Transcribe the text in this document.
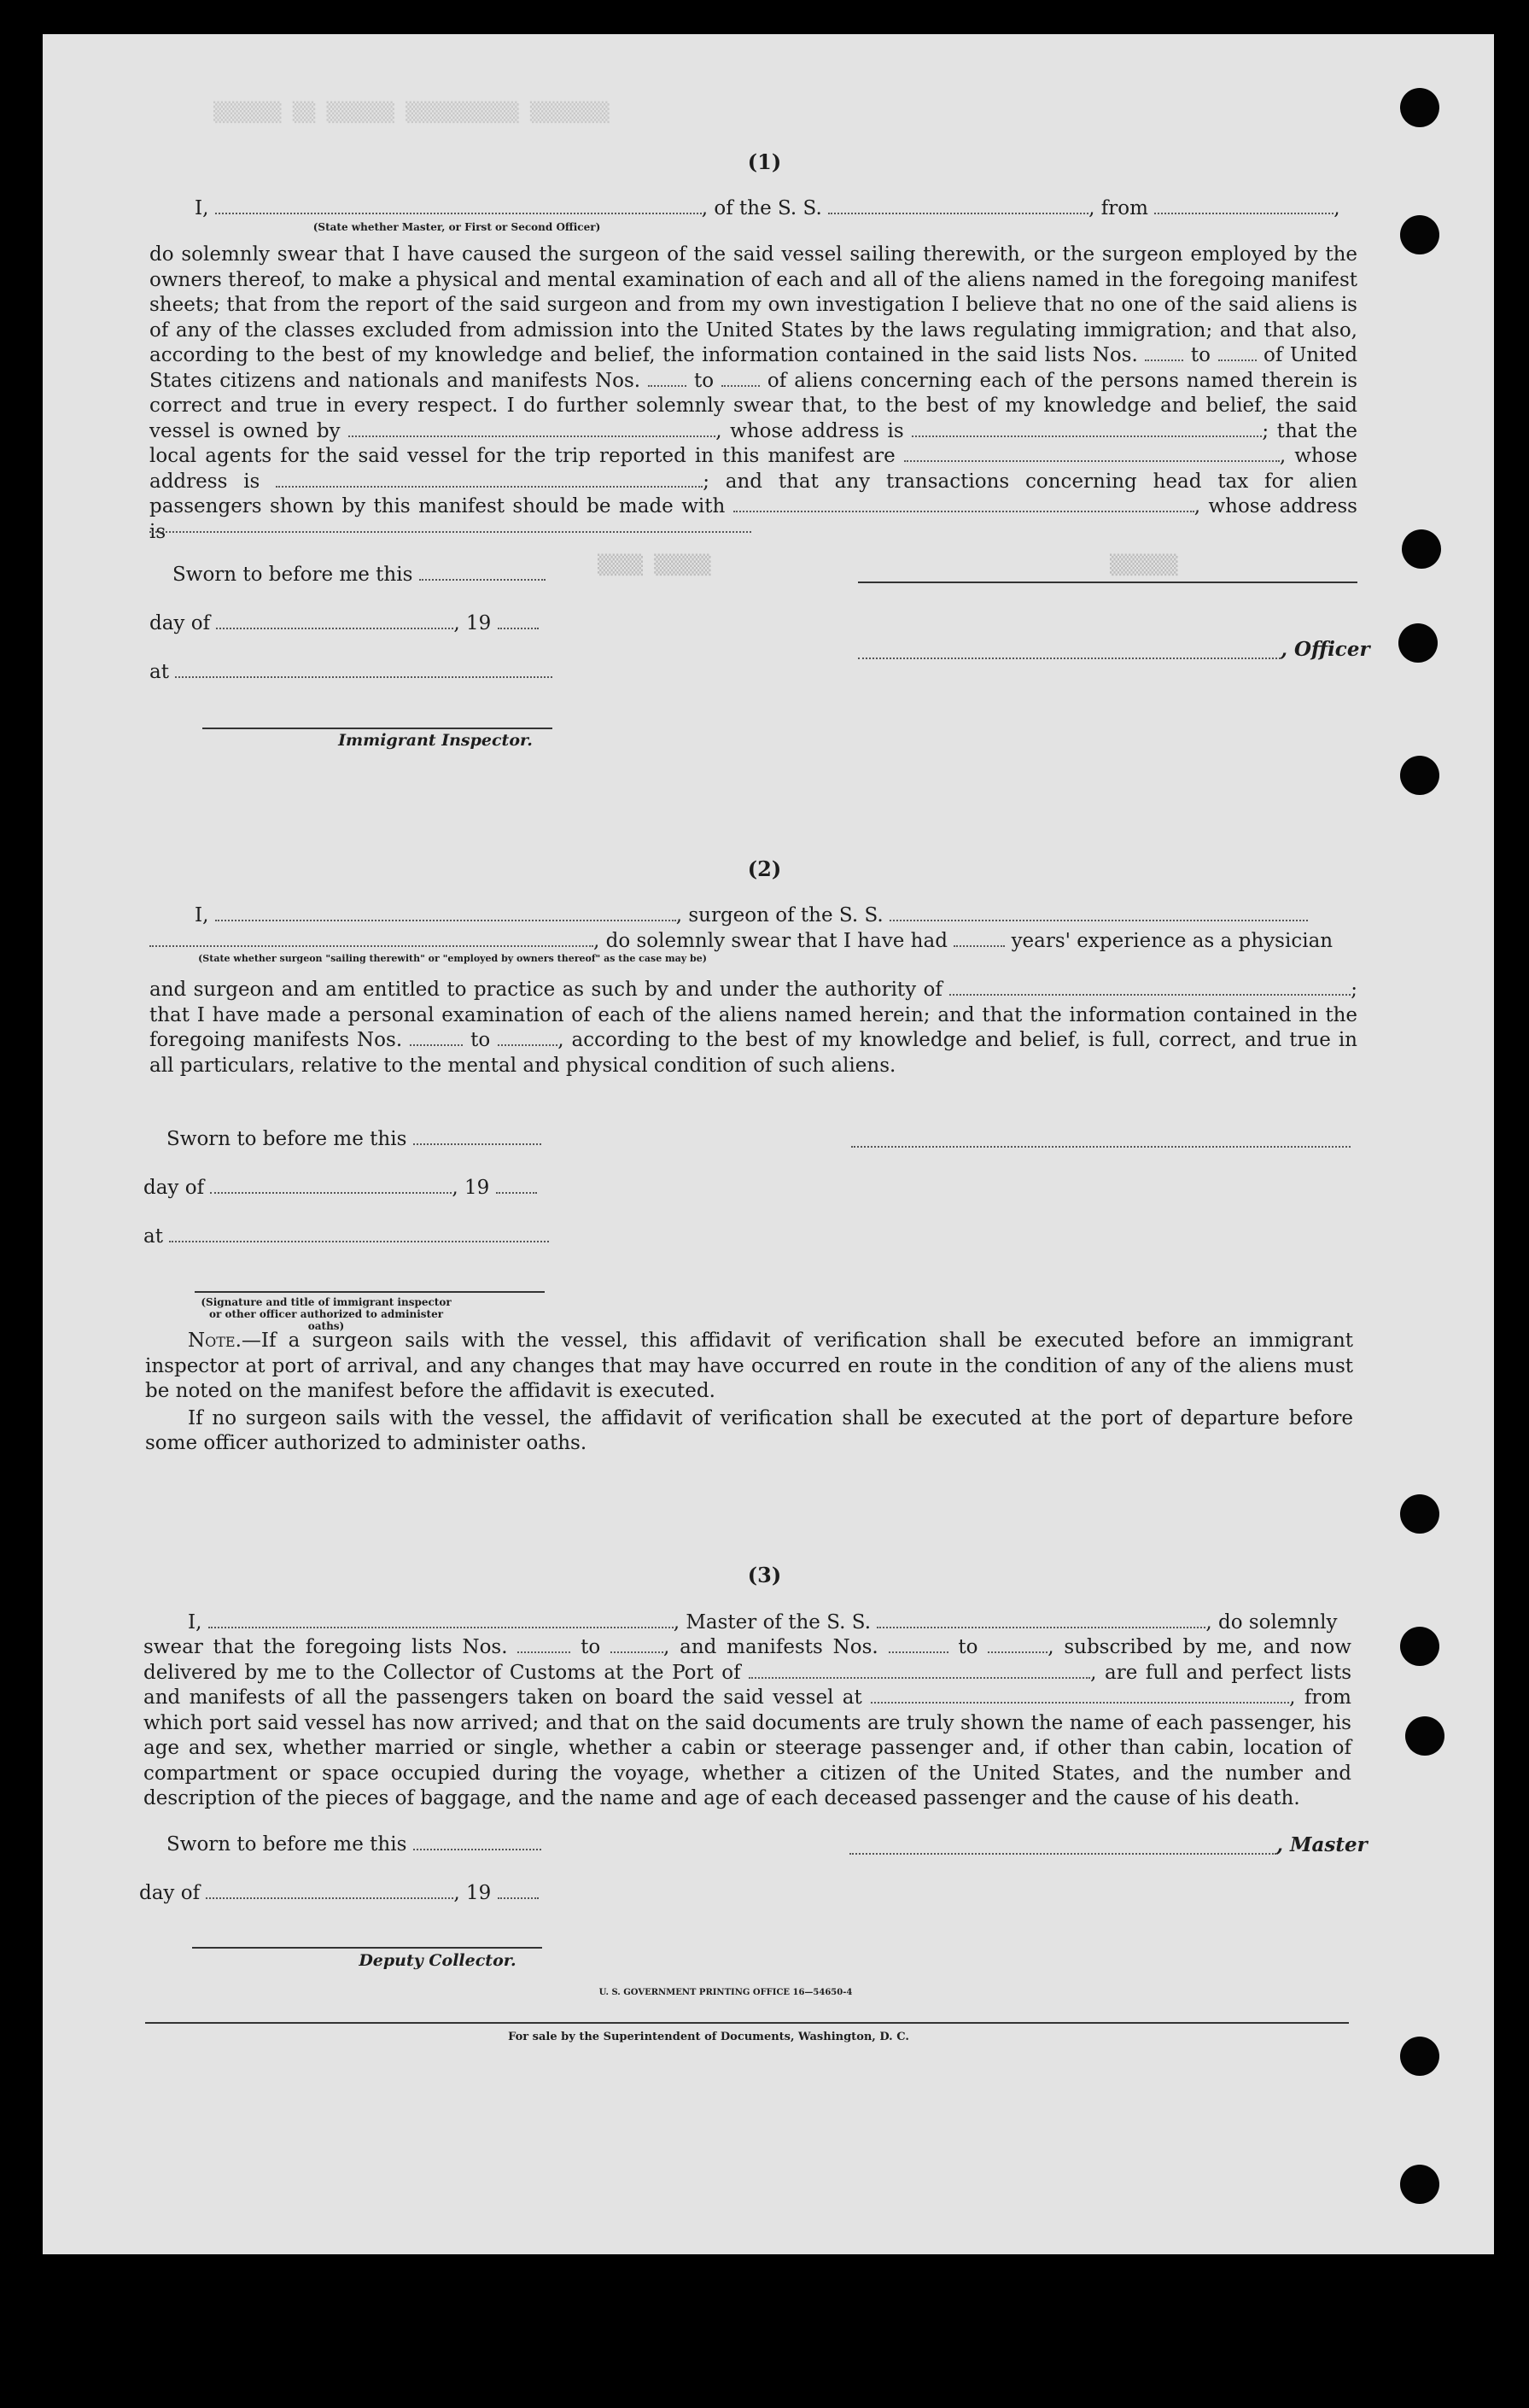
▒▒▒▒▒▒ ▒▒ ▒▒▒▒▒▒ ▒▒▒▒▒▒▒▒▒▒ ▒▒▒▒▒▒▒
▒▒▒▒ ▒▒▒▒▒	▒▒▒▒▒▒
(1)
I,	, of the S. S.	, from	,
(State whether Master, or First or Second Officer)

do solemnly swear that I have caused the surgeon of the said vessel sailing therewith, or the surgeon employed by the owners thereof, to make a physical and mental examination of each and all of the aliens named in the foregoing manifest sheets; that from the report of the said surgeon and from my own investigation I believe that no one of the said aliens is of any of the classes excluded from admission into the United States by the laws regulating immigration; and that also, according to the best of my knowledge and belief, the information contained in the said lists Nos.	to	of United States citizens and nationals and manifests Nos.	to	of aliens concerning each of the persons named therein is correct and true in every respect. I do further solemnly swear that, to the best of my knowledge and belief, the said vessel is owned by	, whose address is	; that the local agents for the said vessel for the trip reported in this manifest are	, whose address is	; and that any transactions concerning head tax for alien passengers shown by this manifest should be made with	, whose address is

Sworn to before me this
day of	, 19
, Officer
at
Immigrant Inspector.
(2)
I,	, surgeon of the S. S.
, do solemnly swear that I have had	years' experience as a physician
(State whether surgeon "sailing therewith" or "employed by owners thereof" as the case may be)

and surgeon and am entitled to practice as such by and under the authority of	; that I have made a personal examination of each of the aliens named herein; and that the information contained in the foregoing manifests Nos.	to	, according to the best of my knowledge and belief, is full, correct, and true in all particulars, relative to the mental and physical condition of such aliens.

Sworn to before me this
day of	, 19
at
(Signature and title of immigrant inspector or other officer authorized to administer oaths)

Note.—If a surgeon sails with the vessel, this affidavit of verification shall be executed before an immigrant inspector at port of arrival, and any changes that may have occurred en route in the condition of any of the aliens must be noted on the manifest before the affidavit is executed.

If no surgeon sails with the vessel, the affidavit of verification shall be executed at the port of departure before some officer authorized to administer oaths.

(3)
I,	, Master of the S. S.	, do solemnly

swear that the foregoing lists Nos.	to	, and manifests Nos.	to	, subscribed by me, and now delivered by me to the Collector of Customs at the Port of	, are full and perfect lists and manifests of all the passengers taken on board the said vessel at	, from which port said vessel has now arrived; and that on the said documents are truly shown the name of each passenger, his age and sex, whether married or single, whether a cabin or steerage passenger and, if other than cabin, location of compartment or space occupied during the voyage, whether a citizen of the United States, and the number and description of the pieces of baggage, and the name and age of each deceased passenger and the cause of his death.

Sworn to before me this	, Master
day of	, 19
Deputy Collector.
U. S. GOVERNMENT PRINTING OFFICE 16—54650-4
For sale by the Superintendent of Documents, Washington, D. C.
